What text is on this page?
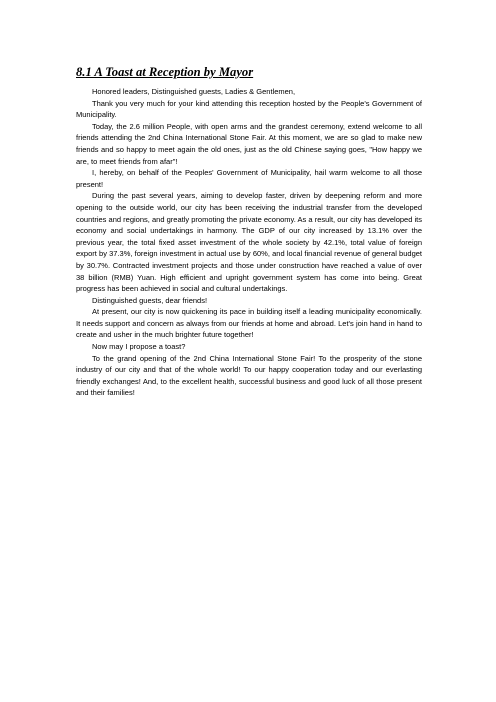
8.1 A Toast at Reception by Mayor

Honored leaders, Distinguished guests, Ladies & Gentlemen,

Thank you very much for your kind attending this reception hosted by the People's Government of Municipality.

Today, the 2.6 million People, with open arms and the grandest ceremony, extend welcome to all friends attending the 2nd China International Stone Fair. At this moment, we are so glad to make new friends and so happy to meet again the old ones, just as the old Chinese saying goes, "How happy we are, to meet friends from afar"!

I, hereby, on behalf of the Peoples' Government of Municipality, hail warm welcome to all those present!

During the past several years, aiming to develop faster, driven by deepening reform and more opening to the outside world, our city has been receiving the industrial transfer from the developed countries and regions, and greatly promoting the private economy. As a result, our city has developed its economy and social undertakings in harmony. The GDP of our city increased by 13.1% over the previous year, the total fixed asset investment of the whole society by 42.1%, total value of foreign export by 37.3%, foreign investment in actual use by 60%, and local financial revenue of general budget by 30.7%. Contracted investment projects and those under construction have reached a value of over 38 billion (RMB) Yuan. High efficient and upright government system has come into being. Great progress has been achieved in social and cultural undertakings.

Distinguished guests, dear friends!

At present, our city is now quickening its pace in building itself a leading municipality economically. It needs support and concern as always from our friends at home and abroad. Let's join hand in hand to create and usher in the much brighter future together!

Now may I propose a toast?

To the grand opening of the 2nd China International Stone Fair! To the prosperity of the stone industry of our city and that of the whole world! To our happy cooperation today and our everlasting friendly exchanges! And, to the excellent health, successful business and good luck of all those present and their families!
